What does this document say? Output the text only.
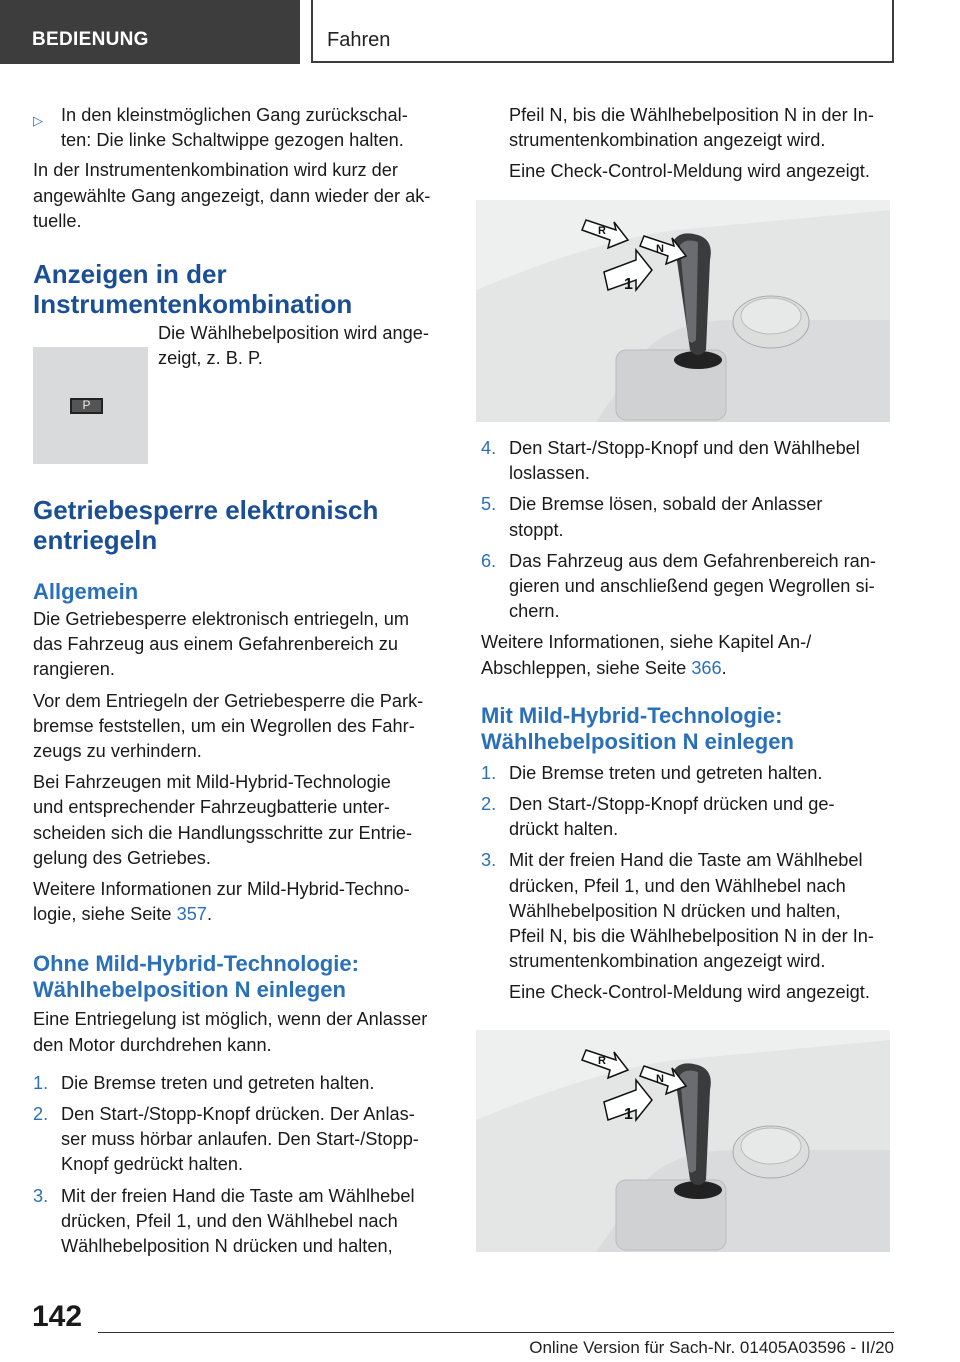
BEDIENUNG	Fahren
▷ In den kleinstmöglichen Gang zurückschal-

ten: Die linke Schaltwippe gezogen halten.

In der Instrumentenkombination wird kurz der

angewählte Gang angezeigt, dann wieder der ak-

tuelle.

Anzeigen in der

Instrumentenkombination

Die Wählhebelposition wird ange-

zeigt, z. B. P.

P

Getriebesperre elektronisch

entriegeln

Allgemein

Die Getriebesperre elektronisch entriegeln, um

das Fahrzeug aus einem Gefahrenbereich zu

rangieren.

Vor dem Entriegeln der Getriebesperre die Park-

bremse feststellen, um ein Wegrollen des Fahr-

zeugs zu verhindern.

Bei Fahrzeugen mit Mild-Hybrid-Technologie

und entsprechender Fahrzeugbatterie unter-

scheiden sich die Handlungsschritte zur Entrie-

gelung des Getriebes.

Weitere Informationen zur Mild-Hybrid-Techno-

logie, siehe Seite 357.

Ohne Mild-Hybrid-Technologie:

Wählhebelposition N einlegen

Eine Entriegelung ist möglich, wenn der Anlasser

den Motor durchdrehen kann.

1. Die Bremse treten und getreten halten.

2. Den Start-/Stopp-Knopf drücken. Der Anlas-

ser muss hörbar anlaufen. Den Start-/Stopp-

Knopf gedrückt halten.

3. Mit der freien Hand die Taste am Wählhebel

drücken, Pfeil 1, und den Wählhebel nach

Wählhebelposition N drücken und halten,

Pfeil N, bis die Wählhebelposition N in der In-

strumentenkombination angezeigt wird.

Eine Check-Control-Meldung wird angezeigt.

1
N
R
4. Den Start-/Stopp-Knopf und den Wählhebel

loslassen.

5. Die Bremse lösen, sobald der Anlasser

stoppt.

6. Das Fahrzeug aus dem Gefahrenbereich ran-

gieren und anschließend gegen Wegrollen si-

chern.

Weitere Informationen, siehe Kapitel An-/

Abschleppen, siehe Seite 366.

Mit Mild-Hybrid-Technologie:

Wählhebelposition N einlegen

1. Die Bremse treten und getreten halten.

2. Den Start-/Stopp-Knopf drücken und ge-

drückt halten.

3. Mit der freien Hand die Taste am Wählhebel

drücken, Pfeil 1, und den Wählhebel nach

Wählhebelposition N drücken und halten,

Pfeil N, bis die Wählhebelposition N in der In-

strumentenkombination angezeigt wird.

Eine Check-Control-Meldung wird angezeigt.

1
N
R
142
Online Version für Sach-Nr. 01405A03596 - II/20
